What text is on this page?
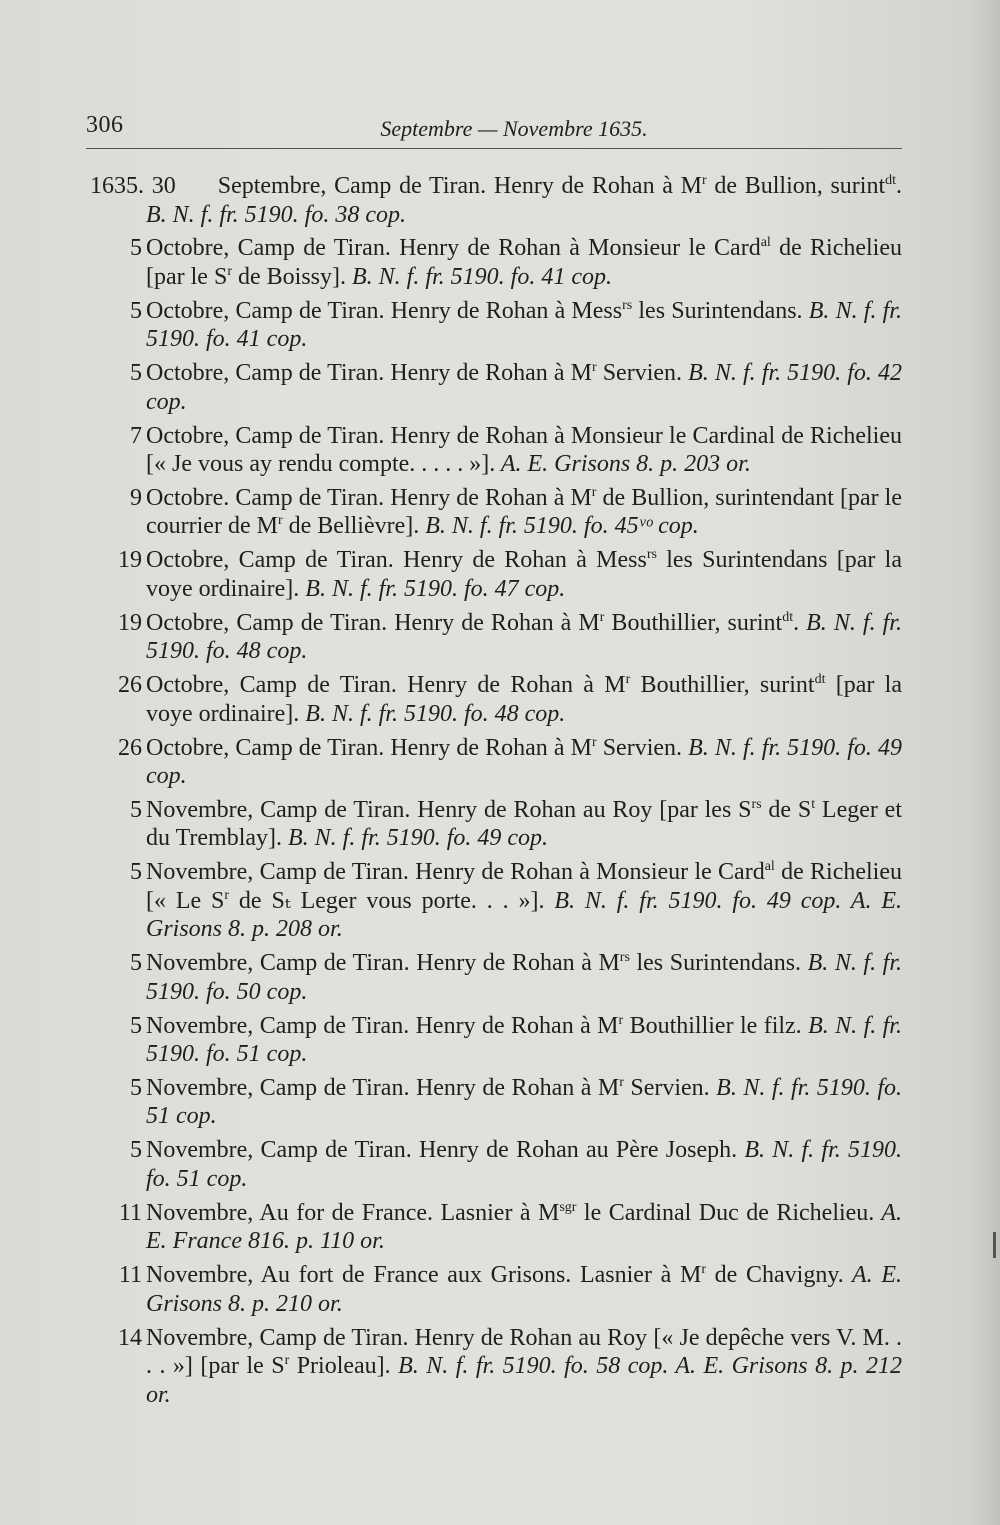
306	Septembre — Novembre 1635.
1635. 30 Septembre, Camp de Tiran. Henry de Rohan à $M^r$ de Bullion, surint$^{dt}$. B. N. f. fr. 5190. fo. 38 cop.
5 Octobre, Camp de Tiran. Henry de Rohan à Monsieur le Card$^{al}$ de Richelieu [par le $S^r$ de Boissy]. B. N. f. fr. 5190. fo. 41 cop.
5 Octobre, Camp de Tiran. Henry de Rohan à Mess$^{rs}$ les Surintendans. B. N. f. fr. 5190. fo. 41 cop.
5 Octobre, Camp de Tiran. Henry de Rohan à $M^r$ Servien. B. N. f. fr. 5190. fo. 42 cop.
7 Octobre, Camp de Tiran. Henry de Rohan à Monsieur le Cardinal de Richelieu [« Je vous ay rendu compte. . . . . »]. A. E. Grisons 8. p. 203 or.
9 Octobre. Camp de Tiran. Henry de Rohan à $M^r$ de Bullion, surintendant [par le courrier de $M^r$ de Bellièvre]. B. N. f. fr. 5190. fo. 45ᵛᵒ cop.
19 Octobre, Camp de Tiran. Henry de Rohan à Mess$^{rs}$ les Surintendans [par la voye ordinaire]. B. N. f. fr. 5190. fo. 47 cop.
19 Octobre, Camp de Tiran. Henry de Rohan à $M^r$ Bouthillier, surint$^{dt}$. B. N. f. fr. 5190. fo. 48 cop.
26 Octobre, Camp de Tiran. Henry de Rohan à $M^r$ Bouthillier, surint$^{dt}$ [par la voye ordinaire]. B. N. f. fr. 5190. fo. 48 cop.
26 Octobre, Camp de Tiran. Henry de Rohan à $M^r$ Servien. B. N. f. fr. 5190. fo. 49 cop.
5 Novembre, Camp de Tiran. Henry de Rohan au Roy [par les $S^{rs}$ de $S^t$ Leger et du Tremblay]. B. N. f. fr. 5190. fo. 49 cop.
5 Novembre, Camp de Tiran. Henry de Rohan à Monsieur le Card$^{al}$ de Richelieu [« Le $S^r$ de Sₜ Leger vous porte. . . »]. B. N. f. fr. 5190. fo. 49 cop. A. E. Grisons 8. p. 208 or.
5 Novembre, Camp de Tiran. Henry de Rohan à $M^{rs}$ les Surintendans. B. N. f. fr. 5190. fo. 50 cop.
5 Novembre, Camp de Tiran. Henry de Rohan à $M^r$ Bouthillier le filz. B. N. f. fr. 5190. fo. 51 cop.
5 Novembre, Camp de Tiran. Henry de Rohan à $M^r$ Servien. B. N. f. fr. 5190. fo. 51 cop.
5 Novembre, Camp de Tiran. Henry de Rohan au Père Joseph. B. N. f. fr. 5190. fo. 51 cop.
11 Novembre, Au for de France. Lasnier à $M^{sgr}$ le Cardinal Duc de Richelieu. A. E. France 816. p. 110 or.
11 Novembre, Au fort de France aux Grisons. Lasnier à $M^r$ de Chavigny. A. E. Grisons 8. p. 210 or.
14 Novembre, Camp de Tiran. Henry de Rohan au Roy [« Je depêche vers V. M. . . . »] [par le $S^r$ Prioleau]. B. N. f. fr. 5190. fo. 58 cop. A. E. Grisons 8. p. 212 or.
